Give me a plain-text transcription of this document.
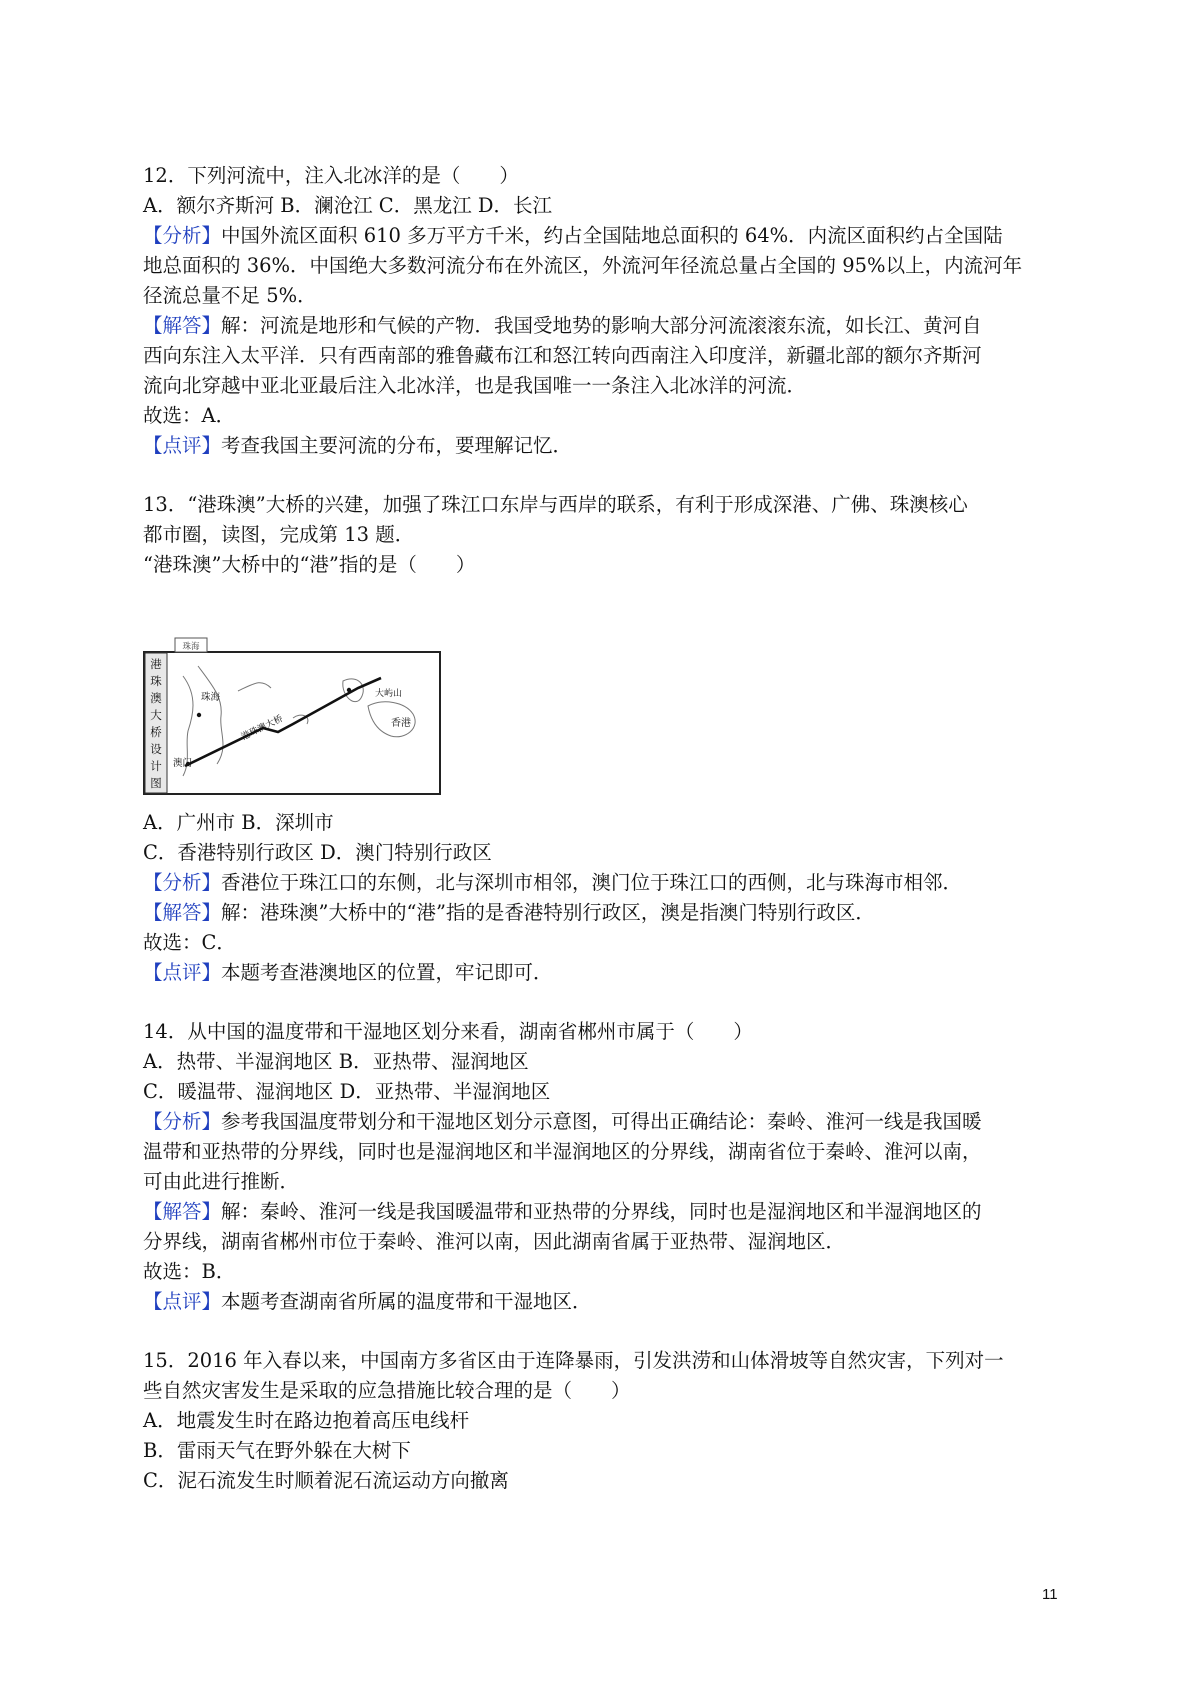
12．下列河流中，注入北冰洋的是（　　）
A．额尔齐斯河 B．澜沧江 C．黑龙江 D．长江
【分析】中国外流区面积 610 多万平方千米，约占全国陆地总面积的 64%．内流区面积约占全国陆
地总面积的 36%．中国绝大多数河流分布在外流区，外流河年径流总量占全国的 95%以上，内流河年
径流总量不足 5%．
【解答】解：河流是地形和气候的产物．我国受地势的影响大部分河流滚滚东流，如长江、黄河自
西向东注入太平洋．只有西南部的雅鲁藏布江和怒江转向西南注入印度洋，新疆北部的额尔齐斯河
流向北穿越中亚北亚最后注入北冰洋，也是我国唯一一条注入北冰洋的河流．
故选：A．
【点评】考查我国主要河流的分布，要理解记忆．
13．“港珠澳”大桥的兴建，加强了珠江口东岸与西岸的联系，有利于形成深港、广佛、珠澳核心
都市圈，读图，完成第 13 题．
“港珠澳”大桥中的“港”指的是（　　）
港
珠
澳
大
桥
设
计
图
珠海
珠海
港珠澳大桥
大屿山
香港
澳门
A．广州市 B．深圳市
C．香港特别行政区 D．澳门特别行政区
【分析】香港位于珠江口的东侧，北与深圳市相邻，澳门位于珠江口的西侧，北与珠海市相邻．
【解答】解：港珠澳”大桥中的“港”指的是香港特别行政区，澳是指澳门特别行政区．
故选：C．
【点评】本题考查港澳地区的位置，牢记即可．
14．从中国的温度带和干湿地区划分来看，湖南省郴州市属于（　　）
A．热带、半湿润地区 B．亚热带、湿润地区
C．暖温带、湿润地区 D．亚热带、半湿润地区
【分析】参考我国温度带划分和干湿地区划分示意图，可得出正确结论：秦岭、淮河一线是我国暖
温带和亚热带的分界线，同时也是湿润地区和半湿润地区的分界线，湖南省位于秦岭、淮河以南，
可由此进行推断．
【解答】解：秦岭、淮河一线是我国暖温带和亚热带的分界线，同时也是湿润地区和半湿润地区的
分界线，湖南省郴州市位于秦岭、淮河以南，因此湖南省属于亚热带、湿润地区．
故选：B．
【点评】本题考查湖南省所属的温度带和干湿地区．
15．2016 年入春以来，中国南方多省区由于连降暴雨，引发洪涝和山体滑坡等自然灾害，下列对一
些自然灾害发生是采取的应急措施比较合理的是（　　）
A．地震发生时在路边抱着高压电线杆
B．雷雨天气在野外躲在大树下
C．泥石流发生时顺着泥石流运动方向撤离
11
